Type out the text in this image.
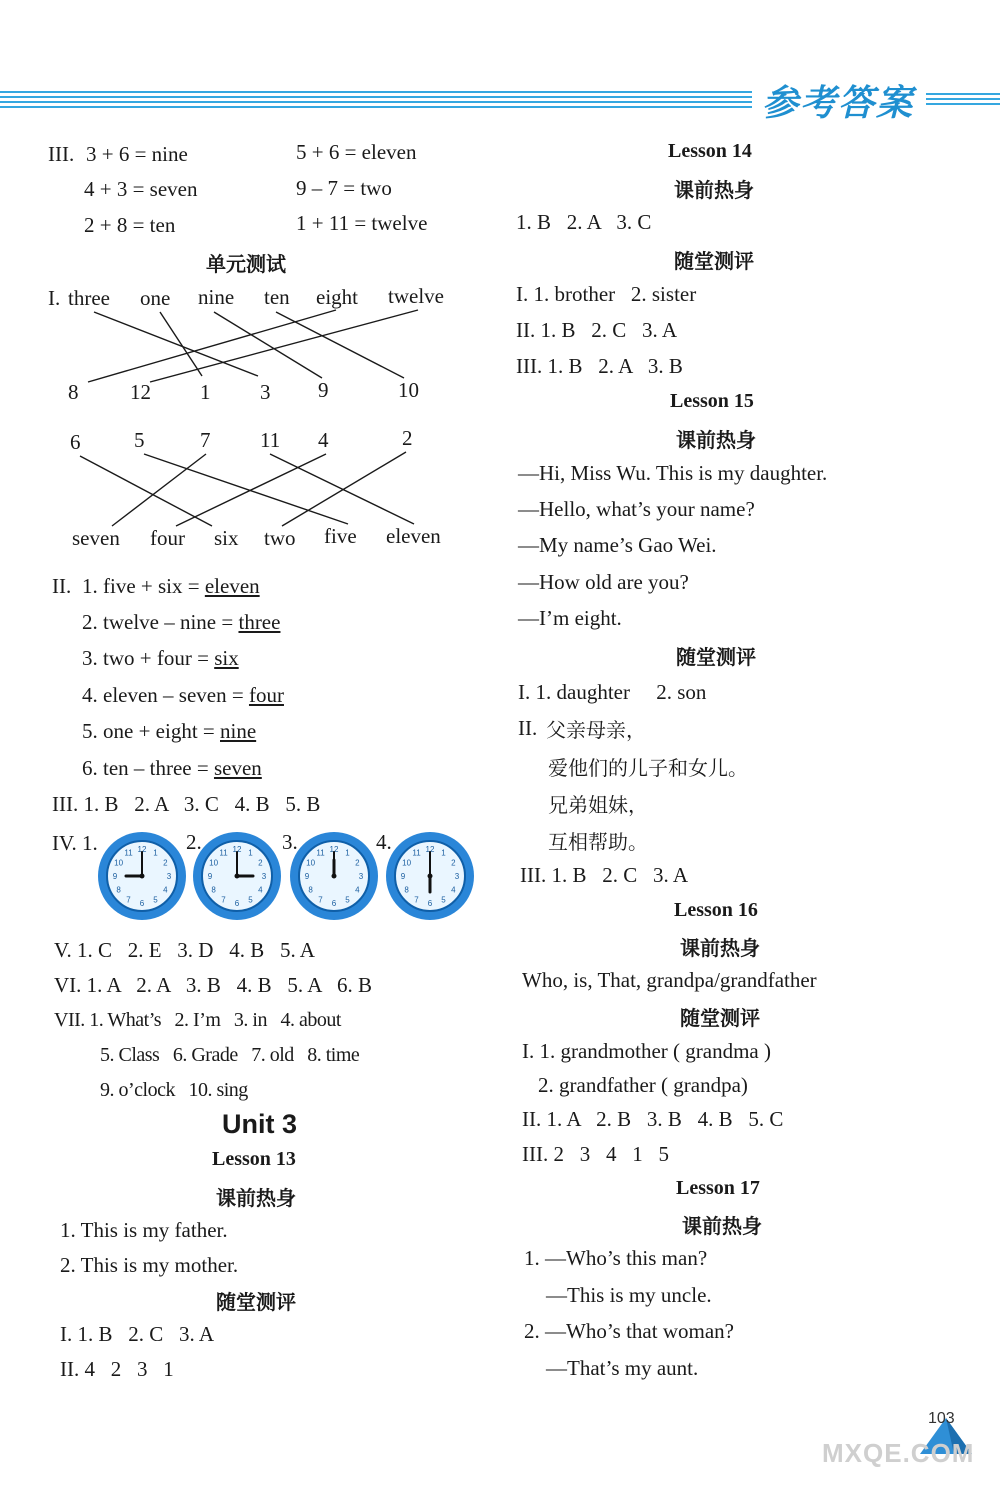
参考答案
III. 3 + 6 = nine	5 + 6 = eleven
4 + 3 = seven	9 – 7 = two
2 + 8 = ten	1 + 11 = twelve
单元测试
I. three one nine ten eight twelve
8 12 1 3 9	10
6	5	7 11 4	2
seven four six two five eleven
II. 1. five + six = eleven
2. twelve – nine = three
3. two + four = six
4. eleven – seven = four
5. one + eight = nine
6. ten – three = seven
III. 1. B   2. A   3. C   4. B   5. B
IV. 1.	2.	3.	4.
1
2
3
4
5
6
7
8
9
10
11 12	1
2
3
4
5
6
7
8
9
10
11 12	1
2
3
4
5
6
7
8
9
10
11 12	1
2
3
4
5
6
7
8
9
10
11 12
V. 1. C   2. E   3. D   4. B   5. A
VI. 1. A   2. A   3. B   4. B   5. A   6. B
VII. 1. What’s   2. I’m   3. in   4. about
5. Class   6. Grade   7. old   8. time
9. o’clock   10. sing
Unit 3
Lesson 13
课前热身
1. This is my father.
2. This is my mother.
随堂测评
I. 1. B   2. C   3. A
II. 4   2   3   1
Lesson 14
课前热身
1. B   2. A   3. C
随堂测评
I. 1. brother   2. sister
II. 1. B   2. C   3. A
III. 1. B   2. A   3. B
Lesson 15
课前热身
—Hi, Miss Wu. This is my daughter.
—Hello, what’s your name?
—My name’s Gao Wei.
—How old are you?
—I’m eight.
随堂测评
I. 1. daughter     2. son
II. 父亲母亲，
爱他们的儿子和女儿。
兄弟姐妹，
互相帮助。
III. 1. B   2. C   3. A
Lesson 16
课前热身
Who, is, That, grandpa/grandfather
随堂测评
I. 1. grandmother ( grandma )
2. grandfather ( grandpa)
II. 1. A   2. B   3. B   4. B   5. C
III. 2   3   4   1   5
Lesson 17
课前热身
1. —Who’s this man?
—This is my uncle.
2. —Who’s that woman?
—That’s my aunt.
103
MXQE.COM
